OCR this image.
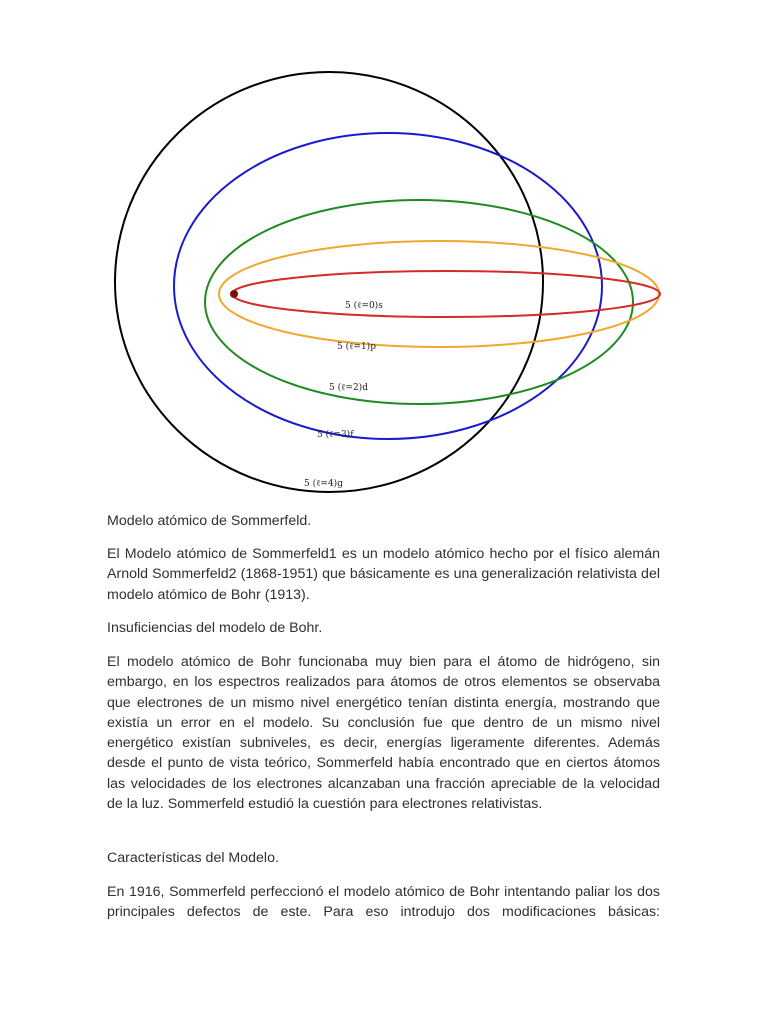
5 (ℓ=0)s
5 (ℓ=1)p
5 (ℓ=2)d
5 (ℓ=3)f
5 (ℓ=4)g
Modelo atómico de Sommerfeld.

El Modelo atómico de Sommerfeld1 es un modelo atómico hecho por el físico alemán Arnold Sommerfeld2 (1868-1951) que básicamente es una generalización relativista del modelo atómico de Bohr (1913).

Insuficiencias del modelo de Bohr.

El modelo atómico de Bohr funcionaba muy bien para el átomo de hidrógeno, sin embargo, en los espectros realizados para átomos de otros elementos se observaba que electrones de un mismo nivel energético tenían distinta energía, mostrando que existía un error en el modelo. Su conclusión fue que dentro de un mismo nivel energético existían subniveles, es decir, energías ligeramente diferentes. Además desde el punto de vista teórico, Sommerfeld había encontrado que en ciertos átomos las velocidades de los electrones alcanzaban una fracción apreciable de la velocidad de la luz. Sommerfeld estudió la cuestión para electrones relativistas.

Características del Modelo.

En 1916, Sommerfeld perfeccionó el modelo atómico de Bohr intentando paliar los dos principales defectos de este. Para eso introdujo dos modificaciones básicas:
